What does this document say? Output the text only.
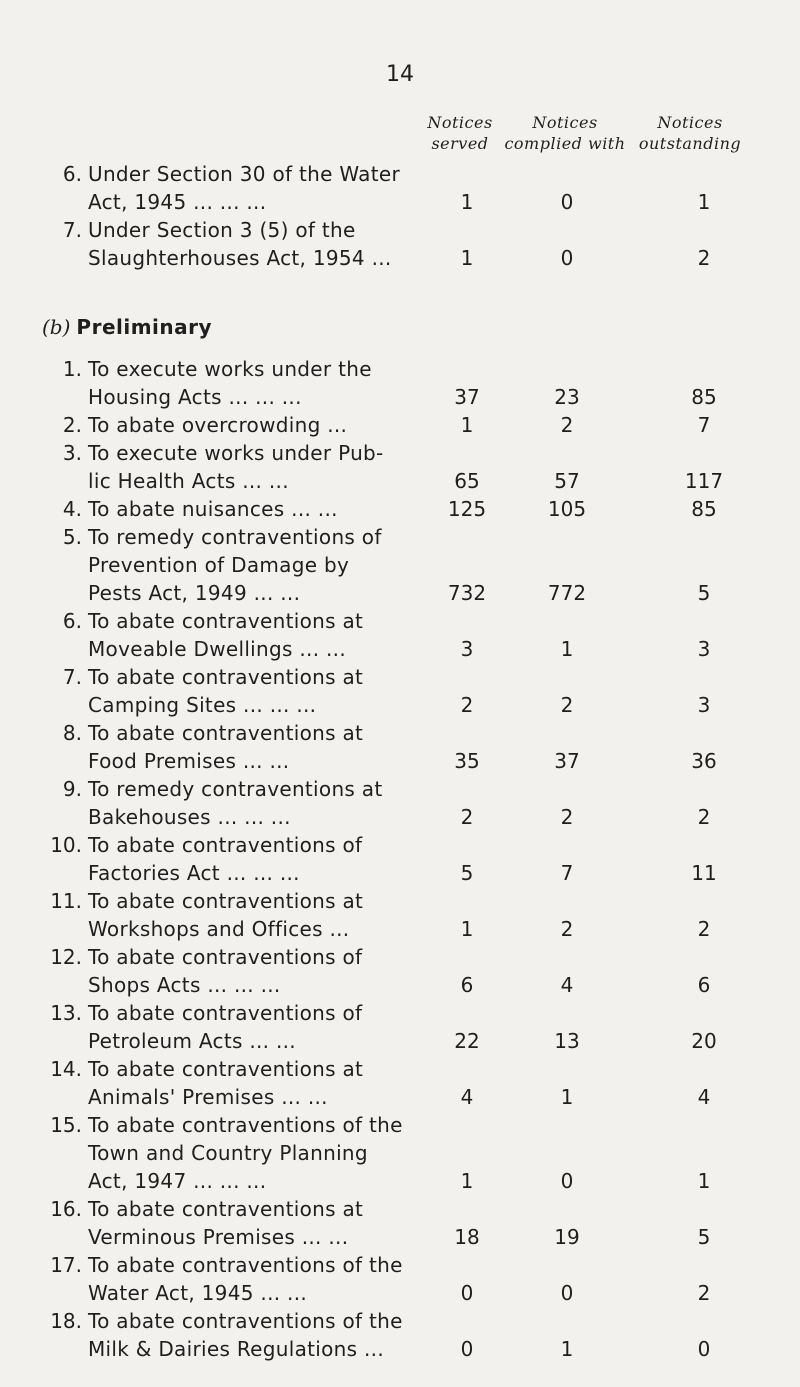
14
Notices
served
Notices
complied with
Notices
outstanding
6. Under Section 30 of the Water
Act, 1945 ... ... ...	1	0	1
7. Under Section 3 (5) of the
Slaughterhouses Act, 1954 ...	1	0	2
(b) Preliminary
1. To execute works under the
Housing Acts ... ... ...	37	23	85
2. To abate overcrowding ...	1	2	7
3. To execute works under Pub-
lic Health Acts ... ...	65	57	117
4. To abate nuisances ... ...	125	105	85
5. To remedy contraventions of
Prevention of Damage by
Pests Act, 1949 ... ...	732	772	5
6. To abate contraventions at
Moveable Dwellings ... ...	3	1	3
7. To abate contraventions at
Camping Sites ... ... ...	2	2	3
8. To abate contraventions at
Food Premises ... ...	35	37	36
9. To remedy contraventions at
Bakehouses ... ... ...	2	2	2
10. To abate contraventions of
Factories Act ... ... ...	5	7	11
11. To abate contraventions at
Workshops and Offices ...	1	2	2
12. To abate contraventions of
Shops Acts ... ... ...	6	4	6
13. To abate contraventions of
Petroleum Acts ... ...	22	13	20
14. To abate contraventions at
Animals' Premises ... ...	4	1	4
15. To abate contraventions of the
Town and Country Planning
Act, 1947 ... ... ...	1	0	1
16. To abate contraventions at
Verminous Premises ... ...	18	19	5
17. To abate contraventions of the
Water Act, 1945 ... ...	0	0	2
18. To abate contraventions of the
Milk & Dairies Regulations ...	0	1	0
